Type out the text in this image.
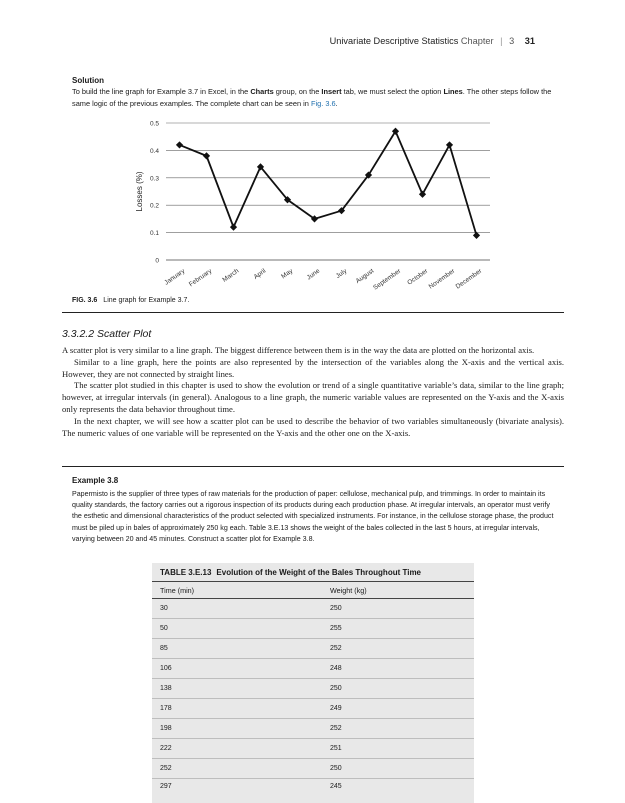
Univariate Descriptive Statistics Chapter | 3 31
Solution
To build the line graph for Example 3.7 in Excel, in the Charts group, on the Insert tab, we must select the option Lines. The other steps follow the same logic of the previous examples. The complete chart can be seen in Fig. 3.6.
0
0.1
0.2
0.3
0.4
0.5
Losses (%)
January February March April May June July August
September October
November
December
FIG. 3.6 Line graph for Example 3.7.
3.3.2.2 Scatter Plot

A scatter plot is very similar to a line graph. The biggest difference between them is in the way the data are plotted on the horizontal axis.

Similar to a line graph, here the points are also represented by the intersection of the variables along the X-axis and the vertical axis. However, they are not connected by straight lines.

The scatter plot studied in this chapter is used to show the evolution or trend of a single quantitative variable’s data, similar to the line graph; however, at irregular intervals (in general). Analogous to a line graph, the numeric variable values are represented on the Y-axis and the X-axis only represents the data behavior throughout time.

In the next chapter, we will see how a scatter plot can be used to describe the behavior of two variables simultaneously (bivariate analysis). The numeric values of one variable will be represented on the Y-axis and the other one on the X-axis.

Example 3.8
Papermisto is the supplier of three types of raw materials for the production of paper: cellulose, mechanical pulp, and trimmings. In order to maintain its quality standards, the factory carries out a rigorous inspection of its products during each production phase. At irregular intervals, an operator must verify the esthetic and dimensional characteristics of the product selected with specialized instruments. For instance, in the cellulose storage phase, the product must be piled up in bales of approximately 250 kg each. Table 3.E.13 shows the weight of the bales collected in the last 5 hours, at irregular intervals, varying between 20 and 45 minutes. Construct a scatter plot for Example 3.8.
TABLE 3.E.13 Evolution of the Weight of the Bales Throughout Time
Time (min)	Weight (kg)
30	250
50	255
85	252
106	248
138	250
178	249
198	252
222	251
252	250
297	245
